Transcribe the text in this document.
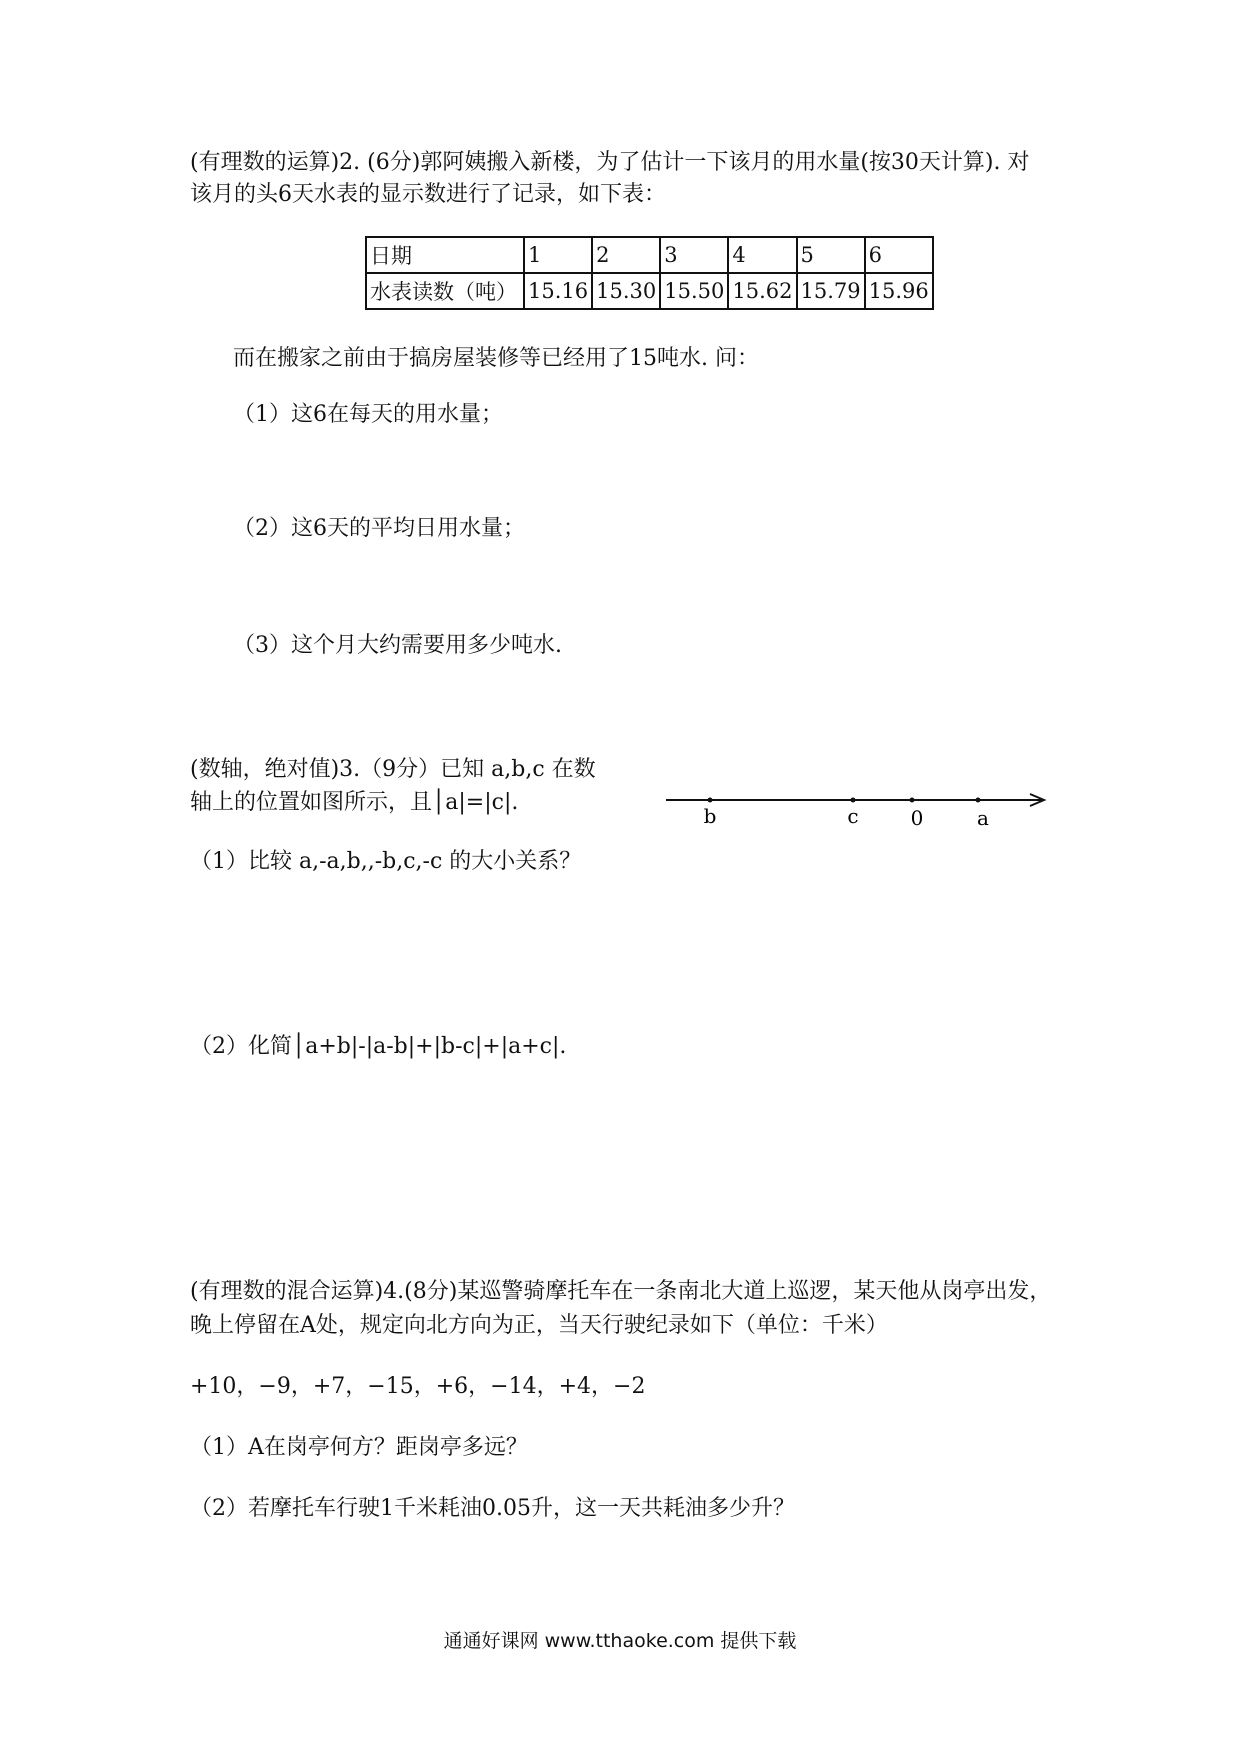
(有理数的运算)2. (6分)郭阿姨搬入新楼，为了估计一下该月的用水量(按30天计算). 对
该月的头6天水表的显示数进行了记录，如下表：
日期	1	2	3	4	5	6
水表读数（吨）	15.16	15.30	15.50	15.62	15.79	15.96
而在搬家之前由于搞房屋装修等已经用了15吨水. 问：
（1）这6在每天的用水量；
（2）这6天的平均日用水量；
（3）这个月大约需要用多少吨水.
(数轴，绝对值)3.（9分）已知 a,b,c 在数
轴上的位置如图所示，且│a|=|c|.
b	c	0	a
（1）比较 a,-a,b,,-b,c,-c 的大小关系？
（2）化简│a+b|-|a-b|+|b-c|+|a+c|.
(有理数的混合运算)4.(8分)某巡警骑摩托车在一条南北大道上巡逻，某天他从岗亭出发，
晚上停留在A处，规定向北方向为正，当天行驶纪录如下（单位：千米）
+10，−9，+7，−15，+6，−14，+4，−2
（1）A在岗亭何方？距岗亭多远？
（2）若摩托车行驶1千米耗油0.05升，这一天共耗油多少升？
通通好课网 www.tthaoke.com 提供下载
